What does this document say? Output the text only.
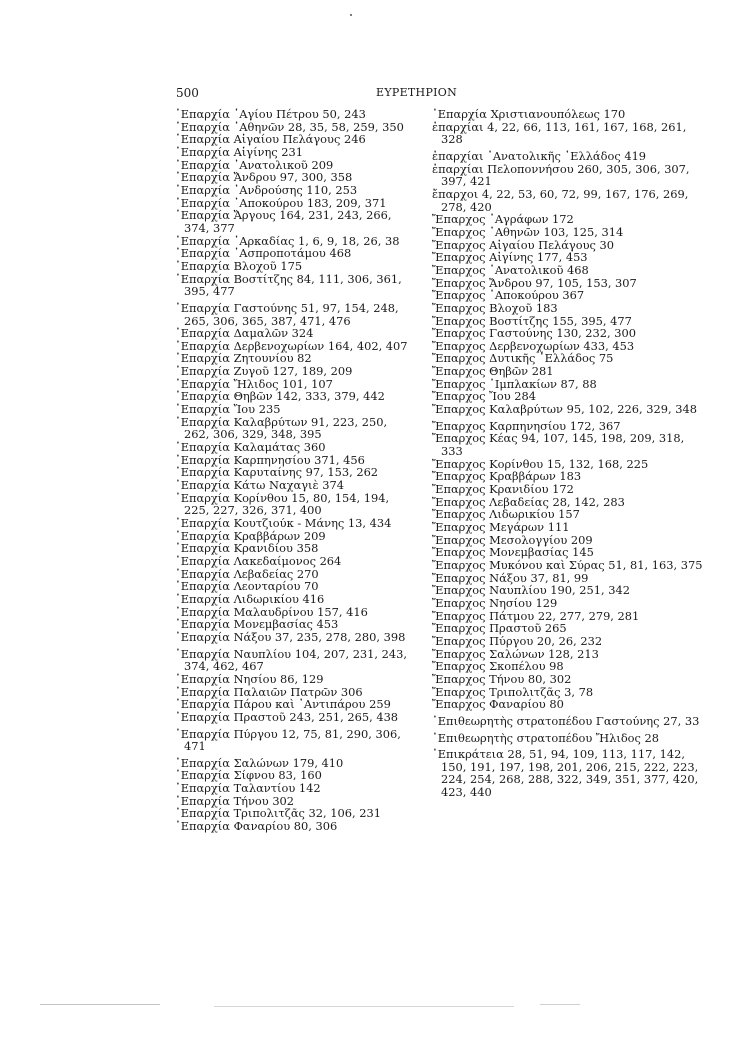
500	ΕΥΡΕΤΗΡΙΟΝ
᾿Επαρχία ῾Αγίου Πέτρου 50, 243
᾿Επαρχία ᾿Αθηνῶν 28, 35, 58, 259, 350
᾿Επαρχία Αἰγαίου Πελάγους 246
᾿Επαρχία Αἰγίνης 231
᾿Επαρχία ᾿Ανατολικοῦ 209
᾿Επαρχία Ἄνδρου 97, 300, 358
᾿Επαρχία ᾿Ανδρούσης 110, 253
᾿Επαρχία ᾿Αποκούρου 183, 209, 371
᾿Επαρχία Ἄργους 164, 231, 243, 266, 374, 377
᾿Επαρχία ᾿Αρκαδίας 1, 6, 9, 18, 26, 38
᾿Επαρχία ᾿Ασπροποτάμου 468
᾿Επαρχία Βλοχοῦ 175
᾿Επαρχία Βοστίτζης 84, 111, 306, 361, 395, 477
᾿Επαρχία Γαστούνης 51, 97, 154, 248, 265, 306, 365, 387, 471, 476
᾿Επαρχία Δαμαλῶν 324
᾿Επαρχία Δερβενοχωρίων 164, 402, 407
᾿Επαρχία Ζητουνίου 82
᾿Επαρχία Ζυγοῦ 127, 189, 209
᾿Επαρχία Ἤλιδος 101, 107
᾿Επαρχία Θηβῶν 142, 333, 379, 442
᾿Επαρχία Ἴου 235
᾿Επαρχία Καλαβρύτων 91, 223, 250, 262, 306, 329, 348, 395
᾿Επαρχία Καλαμάτας 360
᾿Επαρχία Καρπηνησίου 371, 456
᾿Επαρχία Καρυταίνης 97, 153, 262
᾿Επαρχία Κάτω Ναχαγιὲ 374
᾿Επαρχία Κορίνθου 15, 80, 154, 194, 225, 227, 326, 371, 400
᾿Επαρχία Κουτζιούκ - Μάνης 13, 434
᾿Επαρχία Κραββάρων 209
᾿Επαρχία Κρανιδίου 358
᾿Επαρχία Λακεδαίμονος 264
᾿Επαρχία Λεβαδείας 270
᾿Επαρχία Λεονταρίου 70
᾿Επαρχία Λιδωρικίου 416
᾿Επαρχία Μαλαυδρίνου 157, 416
᾿Επαρχία Μονεμβασίας 453
᾿Επαρχία Νάξου 37, 235, 278, 280, 398
᾿Επαρχία Ναυπλίου 104, 207, 231, 243, 374, 462, 467
᾿Επαρχία Νησίου 86, 129
᾿Επαρχία Παλαιῶν Πατρῶν 306
᾿Επαρχία Πάρου καὶ ᾿Αντιπάρου 259
᾿Επαρχία Πραστοῦ 243, 251, 265, 438
᾿Επαρχία Πύργου 12, 75, 81, 290, 306, 471
᾿Επαρχία Σαλώνων 179, 410
᾿Επαρχία Σίφνου 83, 160
᾿Επαρχία Ταλαντίου 142
᾿Επαρχία Τήνου 302
᾿Επαρχία Τριπολιτζᾶς 32, 106, 231
᾿Επαρχία Φαναρίου 80, 306
᾿Επαρχία Χριστιανουπόλεως 170
ἐπαρχίαι 4, 22, 66, 113, 161, 167, 168, 261, 328
ἐπαρχίαι ᾿Ανατολικῆς ῾Ελλάδος 419
ἐπαρχίαι Πελοποννήσου 260, 305, 306, 307, 397, 421
ἔπαρχοι 4, 22, 53, 60, 72, 99, 167, 176, 269, 278, 420
Ἔπαρχος ᾿Αγράφων 172
Ἔπαρχος ᾿Αθηνῶν 103, 125, 314
Ἔπαρχος Αἰγαίου Πελάγους 30
Ἔπαρχος Αἰγίνης 177, 453
Ἔπαρχος ᾿Ανατολικοῦ 468
Ἔπαρχος Ἄνδρου 97, 105, 153, 307
Ἔπαρχος ᾿Αποκούρου 367
Ἔπαρχος Βλοχοῦ 183
Ἔπαρχος Βοστίτζης 155, 395, 477
Ἔπαρχος Γαστούνης 130, 232, 300
Ἔπαρχος Δερβενοχωρίων 433, 453
Ἔπαρχος Δυτικῆς ῾Ελλάδος 75
Ἔπαρχος Θηβῶν 281
Ἔπαρχος ᾿Ιμπλακίων 87, 88
Ἔπαρχος Ἴου 284
Ἔπαρχος Καλαβρύτων 95, 102, 226, 329, 348
Ἔπαρχος Καρπηνησίου 172, 367
Ἔπαρχος Κέας 94, 107, 145, 198, 209, 318, 333
Ἔπαρχος Κορίνθου 15, 132, 168, 225
Ἔπαρχος Κραββάρων 183
Ἔπαρχος Κρανιδίου 172
Ἔπαρχος Λεβαδείας 28, 142, 283
Ἔπαρχος Λιδωρικίου 157
Ἔπαρχος Μεγάρων 111
Ἔπαρχος Μεσολογγίου 209
Ἔπαρχος Μονεμβασίας 145
Ἔπαρχος Μυκόνου καὶ Σύρας 51, 81, 163, 375
Ἔπαρχος Νάξου 37, 81, 99
Ἔπαρχος Ναυπλίου 190, 251, 342
Ἔπαρχος Νησίου 129
Ἔπαρχος Πάτμου 22, 277, 279, 281
Ἔπαρχος Πραστοῦ 265
Ἔπαρχος Πύργου 20, 26, 232
Ἔπαρχος Σαλώνων 128, 213
Ἔπαρχος Σκοπέλου 98
Ἔπαρχος Τήνου 80, 302
Ἔπαρχος Τριπολιτζᾶς 3, 78
Ἔπαρχος Φαναρίου 80
᾿Επιθεωρητὴς στρατοπέδου Γαστούνης 27, 33
᾿Επιθεωρητὴς στρατοπέδου Ἤλιδος 28
᾿Επικράτεια 28, 51, 94, 109, 113, 117, 142, 150, 191, 197, 198, 201, 206, 215, 222, 223, 224, 254, 268, 288, 322, 349, 351, 377, 420, 423, 440
